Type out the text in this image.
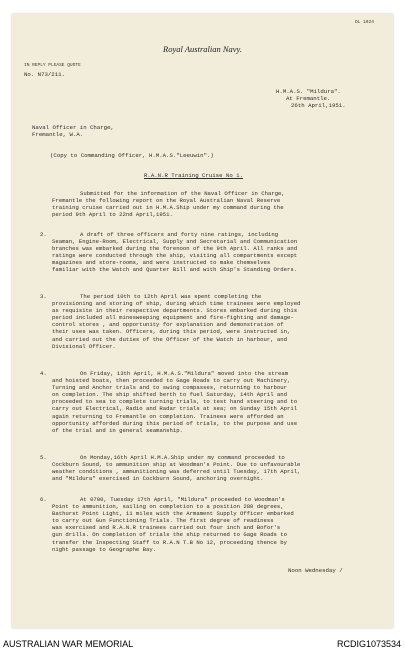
DL 1024
Royal Australian Navy.
IN REPLY PLEASE QUOTE
No. N73/211.
H.M.A.S. "Mildura".
At Fremantle.
26th April,1951.
Naval Officer in Charge,
Fremantle, W.A.
(Copy to Commanding Officer, H.M.A.S."Leeuwin".)
R.A.N.R Training Cruise No 1.
Submitted for the information of the Naval Officer in Charge,
Fremantle the following report on the Royal Australian Naval Reserve
training cruise carried out in H.M.A.Ship under my command during the
period 9th April to 22nd April,1951.
2.	A draft of three officers and forty nine ratings, including
Seaman, Engine-Room, Electrical, Supply and Secretarial and Communication
branches was embarked during the forenoon of the 9th April. All ranks and
ratings were conducted through the ship, visiting all compartments except
magazines and store-rooms, and were instructed to make themselves
familiar with the Watch and Quarter Bill and with Ship's Standing Orders.
3.	The period 10th to 12th April was spent completing the
provisioning and storing of ship, during which time trainees were employed
as requisite in their respective departments. Stores embarked during this
period included all minesweeping equipment and fire-fighting and damage-
control stores , and opportunity for explanation and demonstration of
their uses was taken. Officers, during this period, were instructed in,
and carried out the duties of the Officer of the Watch in harbour, and
Divisional Officer.
4.	On Friday, 13th April, H.M.A.S."Mildura" moved into the stream
and hoisted boats, then proceeded to Gage Roads to carry out Machinery,
Turning and Anchor trials and to swing compasses, returning to harbour
on completion. The ship shifted berth to fuel Saturday, 14th April and
proceeded to sea to complete turning trials, to test hand steering and to
carry out Electrical, Radio and Radar trials at sea; on Sunday 15th April
again returning to Fremantle on completion. Trainees were afforded an
opportunity afforded during this period of trials, to the purpose and use
of the trial and in general seamanship.
5.	On Monday,16th April H.M.A.Ship under my command proceeded to
Cockburn Sound, to ammunition ship at Woodman's Point. Due to unfavourable
weather conditions , ammunitioning was deferred until Tuesday, 17th April,
and "Mildura" exercised in Cockburn Sound, anchoring overnight.
6.	At 0700, Tuesday 17th April, "Mildura" proceeded to Woodman's
Point to ammunition, sailing on completion to a position 280 degrees,
Bathurst Point Light, 11 miles with the Armament Supply Officer embarked
to carry out Gun Functioning Trials. The first degree of readiness
was exercised and R.A.N.R trainees carried out four inch and Bofor's
gun drills. On completion of trials the ship returned to Gage Roads to
transfer the Inspecting Staff to R.A.N T.B No 12, proceeding thence by
night passage to Geographe Bay.
Noon Wednesday /
AUSTRALIAN WAR MEMORIAL	RCDIG1073534
